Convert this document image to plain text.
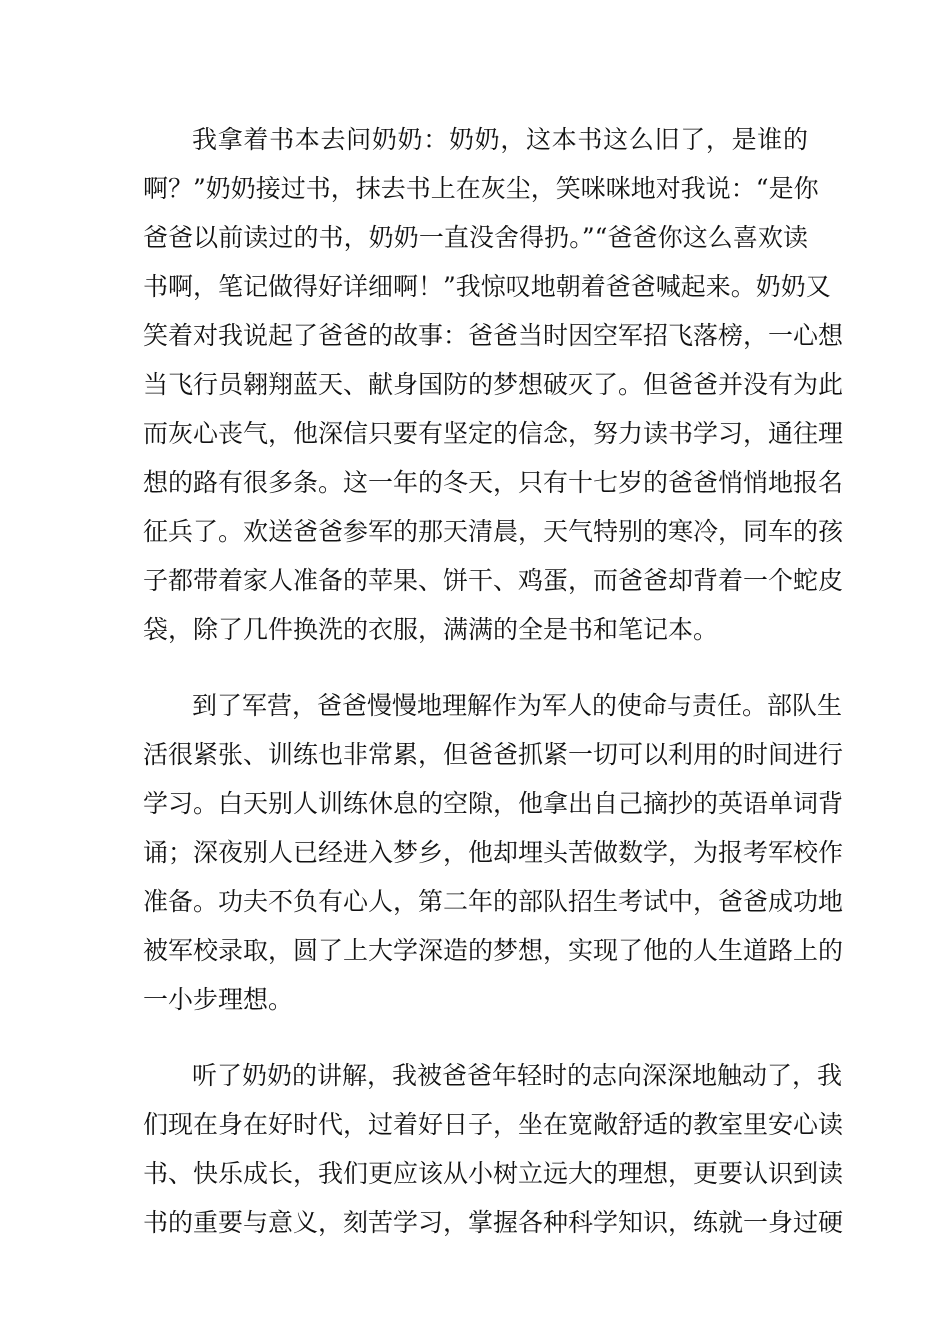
我拿着书本去问奶奶：奶奶，这本书这么旧了，是谁的
啊？”奶奶接过书，抹去书上在灰尘，笑咪咪地对我说：“是你
爸爸以前读过的书，奶奶一直没舍得扔。”“爸爸你这么喜欢读
书啊，笔记做得好详细啊！”我惊叹地朝着爸爸喊起来。奶奶又
笑着对我说起了爸爸的故事：爸爸当时因空军招飞落榜，一心想
当飞行员翱翔蓝天、献身国防的梦想破灭了。但爸爸并没有为此
而灰心丧气，他深信只要有坚定的信念，努力读书学习，通往理
想的路有很多条。这一年的冬天，只有十七岁的爸爸悄悄地报名
征兵了。欢送爸爸参军的那天清晨，天气特别的寒冷，同车的孩
子都带着家人准备的苹果、饼干、鸡蛋，而爸爸却背着一个蛇皮
袋，除了几件换洗的衣服，满满的全是书和笔记本。
到了军营，爸爸慢慢地理解作为军人的使命与责任。部队生
活很紧张、训练也非常累，但爸爸抓紧一切可以利用的时间进行
学习。白天别人训练休息的空隙，他拿出自己摘抄的英语单词背
诵；深夜别人已经进入梦乡，他却埋头苦做数学，为报考军校作
准备。功夫不负有心人，第二年的部队招生考试中，爸爸成功地
被军校录取，圆了上大学深造的梦想，实现了他的人生道路上的
一小步理想。
听了奶奶的讲解，我被爸爸年轻时的志向深深地触动了，我
们现在身在好时代，过着好日子，坐在宽敞舒适的教室里安心读
书、快乐成长，我们更应该从小树立远大的理想，更要认识到读
书的重要与意义，刻苦学习，掌握各种科学知识，练就一身过硬
